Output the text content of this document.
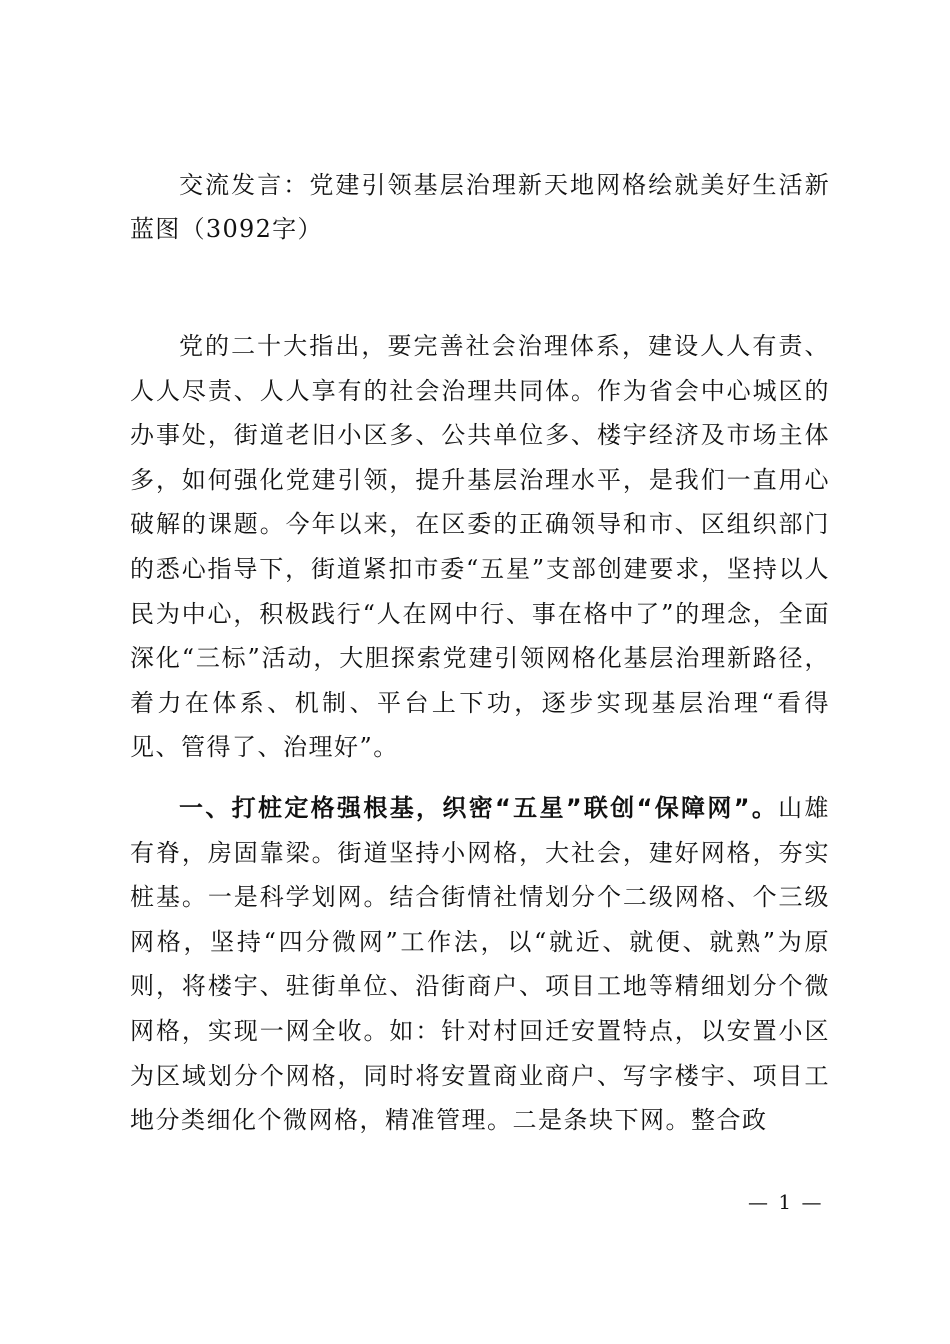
交流发言：党建引领基层治理新天地网格绘就美好生活新蓝图（3092字）

党的二十大指出，要完善社会治理体系，建设人人有责、人人尽责、人人享有的社会治理共同体。作为省会中心城区的办事处，街道老旧小区多、公共单位多、楼宇经济及市场主体多，如何强化党建引领，提升基层治理水平，是我们一直用心破解的课题。今年以来，在区委的正确领导和市、区组织部门的悉心指导下，街道紧扣市委“五星”支部创建要求，坚持以人民为中心，积极践行“人在网中行、事在格中了”的理念，全面深化“三标”活动，大胆探索党建引领网格化基层治理新路径，着力在体系、机制、平台上下功，逐步实现基层治理“看得见、管得了、治理好”。

一、打桩定格强根基，织密“五星”联创“保障网”。山雄有脊，房固靠梁。街道坚持小网格，大社会，建好网格，夯实桩基。一是科学划网。结合街情社情划分个二级网格、个三级网格，坚持“四分微网”工作法，以“就近、就便、就熟”为原则，将楼宇、驻街单位、沿街商户、项目工地等精细划分个微网格，实现一网全收。如：针对村回迁安置特点，以安置小区为区域划分个网格，同时将安置商业商户、写字楼宇、项目工地分类细化个微网格，精准管理。二是条块下网。整合政

— 1 —
